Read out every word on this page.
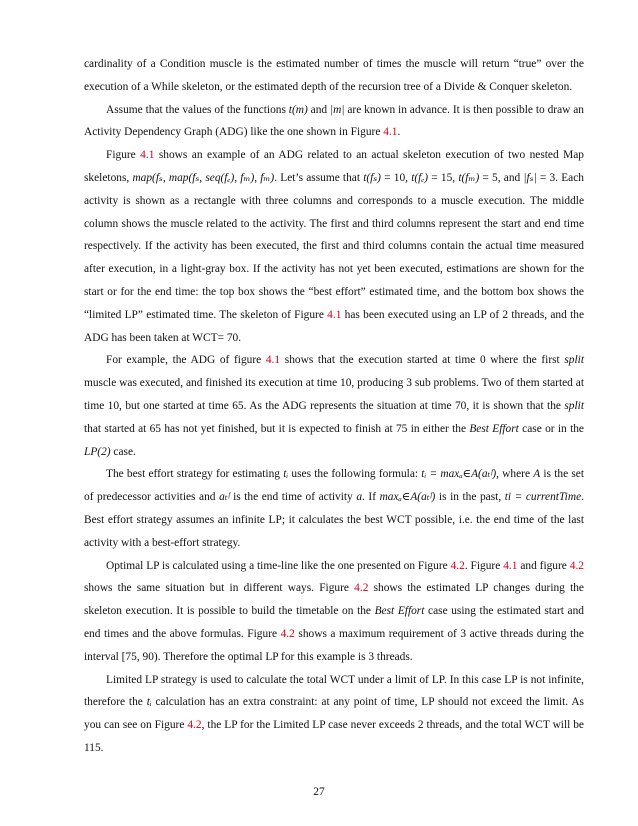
cardinality of a Condition muscle is the estimated number of times the muscle will return “true” over the execution of a While skeleton, or the estimated depth of the recursion tree of a Divide & Conquer skeleton.

Assume that the values of the functions t(m) and |m| are known in advance. It is then possible to draw an Activity Dependency Graph (ADG) like the one shown in Figure 4.1.

Figure 4.1 shows an example of an ADG related to an actual skeleton execution of two nested Map skeletons, map(fₛ, map(fₛ, seq(fₑ), fₘ), fₘ). Let’s assume that t(fₛ) = 10, t(fₑ) = 15, t(fₘ) = 5, and |fₛ| = 3. Each activity is shown as a rectangle with three columns and corresponds to a muscle execution. The middle column shows the muscle related to the activity. The first and third columns represent the start and end time respectively. If the activity has been executed, the first and third columns contain the actual time measured after execution, in a light-gray box. If the activity has not yet been executed, estimations are shown for the start or for the end time: the top box shows the “best effort” estimated time, and the bottom box shows the “limited LP” estimated time. The skeleton of Figure 4.1 has been executed using an LP of 2 threads, and the ADG has been taken at WCT= 70.

For example, the ADG of figure 4.1 shows that the execution started at time 0 where the first split muscle was executed, and finished its execution at time 10, producing 3 sub problems. Two of them started at time 10, but one started at time 65. As the ADG represents the situation at time 70, it is shown that the split that started at 65 has not yet finished, but it is expected to finish at 75 in either the Best Effort case or in the LP(2) case.

The best effort strategy for estimating tᵢ uses the following formula: tᵢ = maxₐ∈A(aₜᶠ), where A is the set of predecessor activities and aₜᶠ is the end time of activity a. If maxₐ∈A(aₜᶠ) is in the past, ti = currentTime. Best effort strategy assumes an infinite LP; it calculates the best WCT possible, i.e. the end time of the last activity with a best-effort strategy.

Optimal LP is calculated using a time-line like the one presented on Figure 4.2. Figure 4.1 and figure 4.2 shows the same situation but in different ways. Figure 4.2 shows the estimated LP changes during the skeleton execution. It is possible to build the timetable on the Best Effort case using the estimated start and end times and the above formulas. Figure 4.2 shows a maximum requirement of 3 active threads during the interval [75, 90). Therefore the optimal LP for this example is 3 threads.

Limited LP strategy is used to calculate the total WCT under a limit of LP. In this case LP is not infinite, therefore the tᵢ calculation has an extra constraint: at any point of time, LP should not exceed the limit. As you can see on Figure 4.2, the LP for the Limited LP case never exceeds 2 threads, and the total WCT will be 115.

27
